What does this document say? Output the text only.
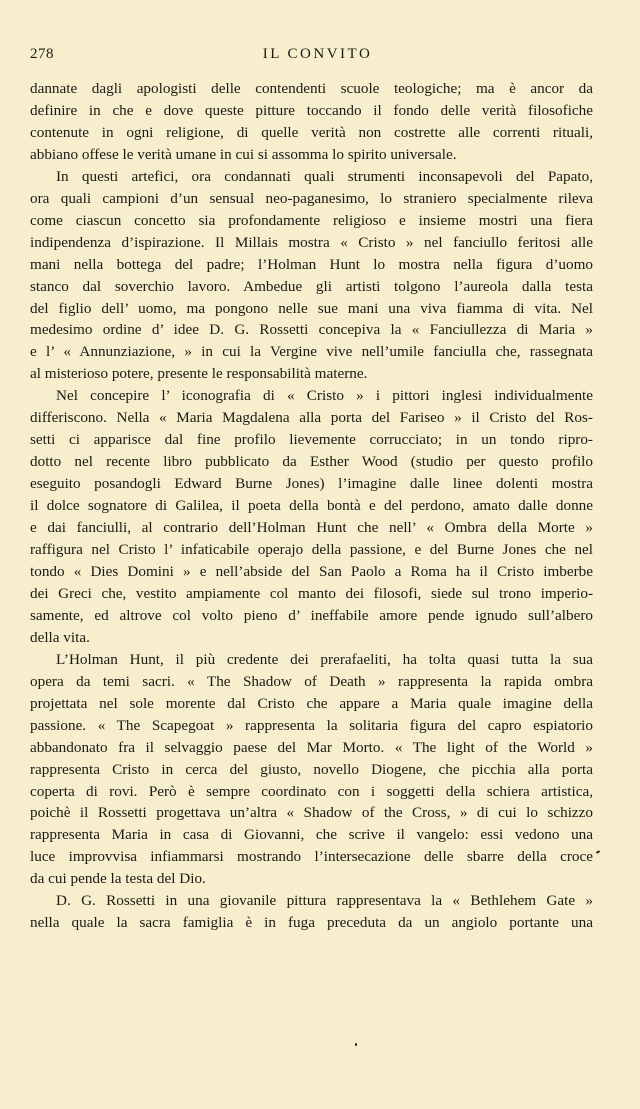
278	IL CONVITO

dannate dagli apologisti delle contendenti scuole teologiche; ma è ancor da

definire in che e dove queste pitture toccando il fondo delle verità filosofiche

contenute in ogni religione, di quelle verità non costrette alle correnti rituali,

abbiano offese le verità umane in cui si assomma lo spirito universale.

In questi artefici, ora condannati quali strumenti inconsapevoli del Papato,

ora quali campioni d’un sensual neo-paganesimo, lo straniero specialmente rileva

come ciascun concetto sia profondamente religioso e insieme mostri una fiera

indipendenza d’ispirazione. Il Millais mostra « Cristo » nel fanciullo feritosi alle

mani nella bottega del padre; l’Holman Hunt lo mostra nella figura d’uomo

stanco dal soverchio lavoro. Ambedue gli artisti tolgono l’aureola dalla testa

del figlio dell’ uomo, ma pongono nelle sue mani una viva fiamma di vita. Nel

medesimo ordine d’ idee D. G. Rossetti concepiva la « Fanciullezza di Maria »

e l’ « Annunziazione, » in cui la Vergine vive nell’umile fanciulla che, rassegnata

al misterioso potere, presente le responsabilità materne.

Nel concepire l’ iconografia di « Cristo » i pittori inglesi individualmente

differiscono. Nella « Maria Magdalena alla porta del Fariseo » il Cristo del Ros-

setti ci apparisce dal fine profilo lievemente corrucciato; in un tondo ripro-

dotto nel recente libro pubblicato da Esther Wood (studio per questo profilo

eseguito posandogli Edward Burne Jones) l’imagine dalle linee dolenti mostra

il dolce sognatore di Galilea, il poeta della bontà e del perdono, amato dalle donne

e dai fanciulli, al contrario dell’Holman Hunt che nell’ « Ombra della Morte »

raffigura nel Cristo l’ infaticabile operajo della passione, e del Burne Jones che nel

tondo « Dies Domini » e nell’abside del San Paolo a Roma ha il Cristo imberbe

dei Greci che, vestito ampiamente col manto dei filosofi, siede sul trono imperio-

samente, ed altrove col volto pieno d’ ineffabile amore pende ignudo sull’albero

della vita.

L’Holman Hunt, il più credente dei prerafaeliti, ha tolta quasi tutta la sua

opera da temi sacri. « The Shadow of Death » rappresenta la rapida ombra

projettata nel sole morente dal Cristo che appare a Maria quale imagine della

passione. « The Scapegoat » rappresenta la solitaria figura del capro espiatorio

abbandonato fra il selvaggio paese del Mar Morto. « The light of the World »

rappresenta Cristo in cerca del giusto, novello Diogene, che picchia alla porta

coperta di rovi. Però è sempre coordinato con i soggetti della schiera artistica,

poichè il Rossetti progettava un’altra « Shadow of the Cross, » di cui lo schizzo

rappresenta Maria in casa di Giovanni, che scrive il vangelo: essi vedono una

luce improvvisa infiammarsi mostrando l’intersecazione delle sbarre della croce

da cui pende la testa del Dio.

D. G. Rossetti in una giovanile pittura rappresentava la « Bethlehem Gate »

nella quale la sacra famiglia è in fuga preceduta da un angiolo portante una
